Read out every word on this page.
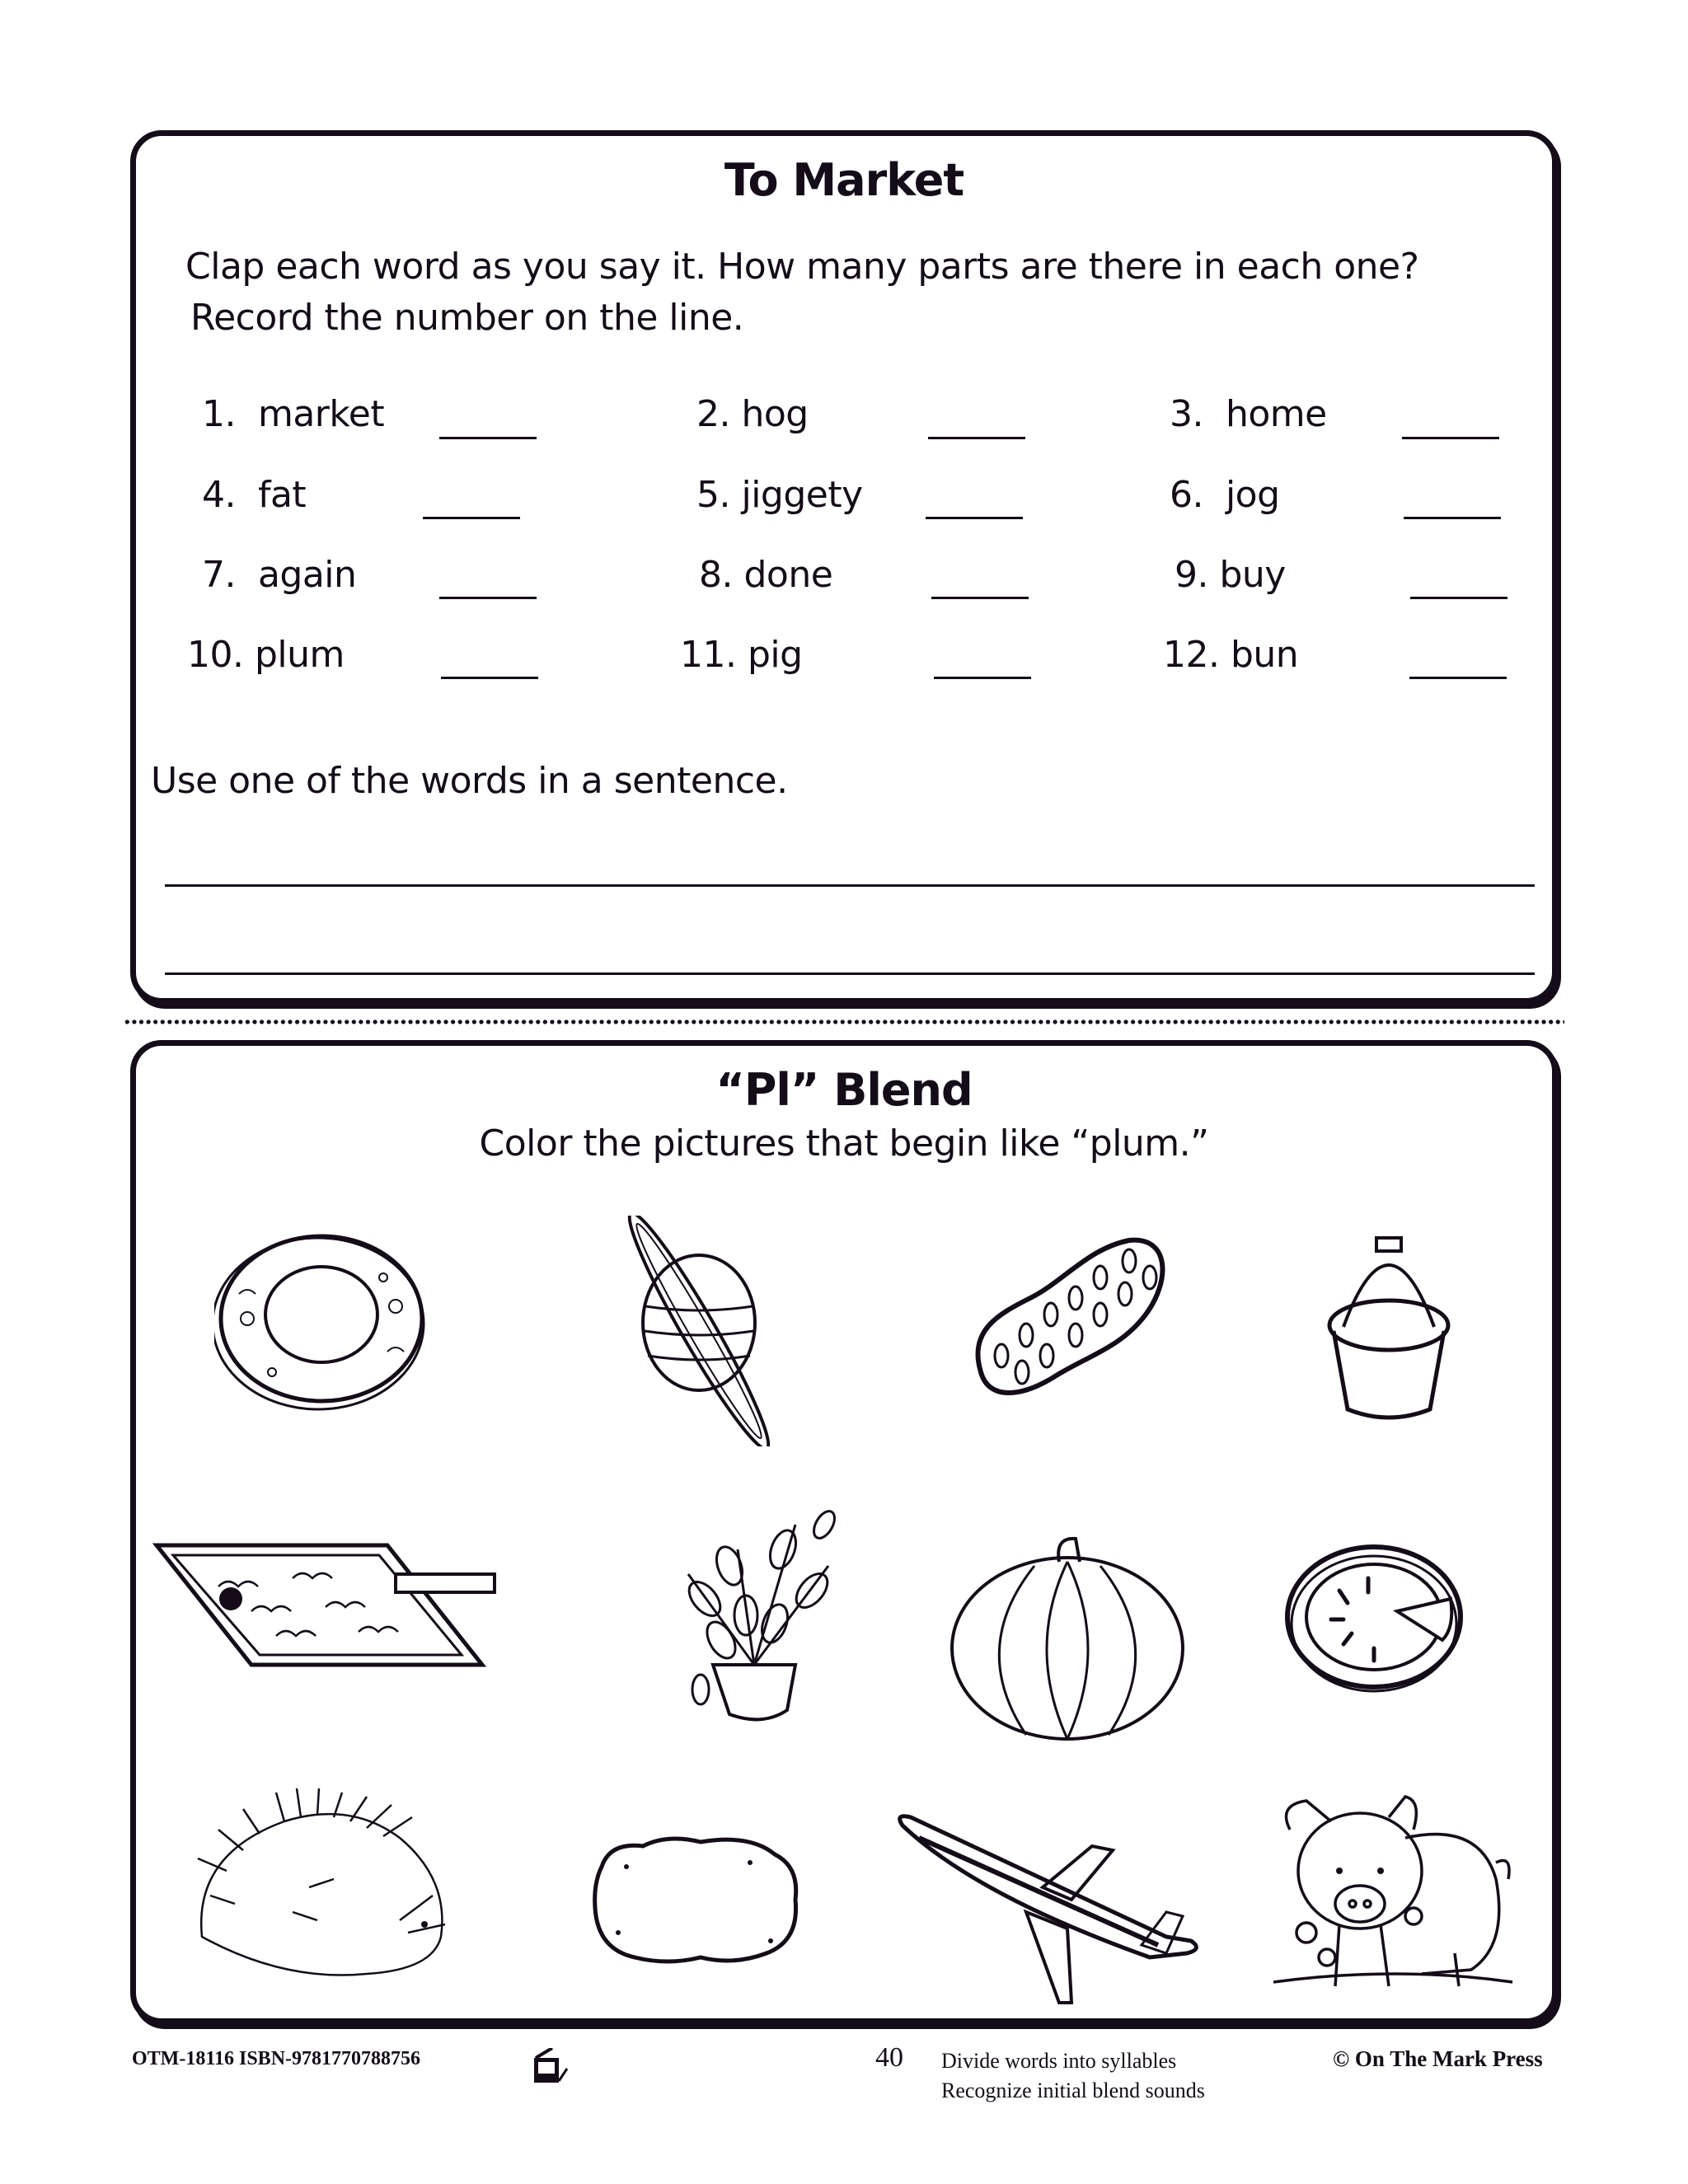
To Market
Clap each word as you say it. How many parts are there in each one?
Record the number on the line.
1.  market	2. hog	3.  home
4.  fat	5. jiggety	6.  jog
7.  again	8. done	9. buy
10. plum	11. pig	12. bun
Use one of the words in a sentence.
“Pl” Blend
Color the pictures that begin like “plum.”
OTM-18116 ISBN-9781770788756	40 Divide words into syllables
Recognize initial blend sounds
© On The Mark Press
